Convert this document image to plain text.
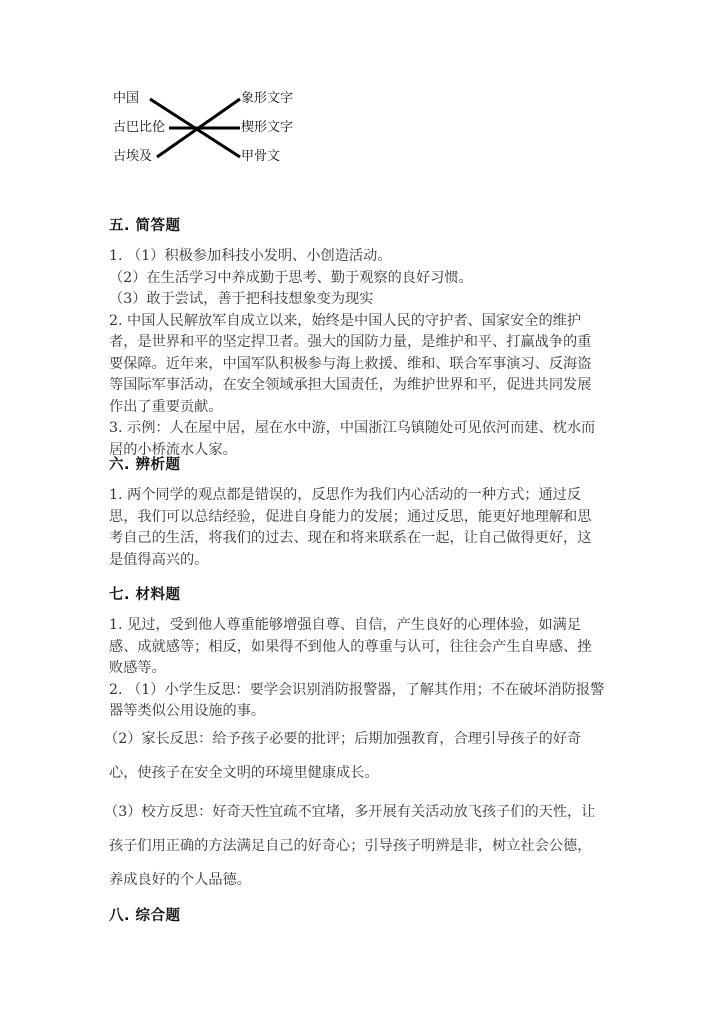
中国
古巴比伦
古埃及
象形文字
楔形文字
甲骨文
五. 简答题
1. （1）积极参加科技小发明、小创造活动。
（2）在生活学习中养成勤于思考、勤于观察的良好习惯。
（3）敢于尝试，善于把科技想象变为现实
2. 中国人民解放军自成立以来，始终是中国人民的守护者、国家安全的维护
者，是世界和平的坚定捍卫者。强大的国防力量，是维护和平、打赢战争的重
要保障。近年来，中国军队积极参与海上救援、维和、联合军事演习、反海盗
等国际军事活动，在安全领域承担大国责任，为维护世界和平，促进共同发展
作出了重要贡献。
3. 示例：人在屋中居，屋在水中游，中国浙江乌镇随处可见依河而建、枕水而
居的小桥流水人家。
六. 辨析题
1. 两个同学的观点都是错误的，反思作为我们内心活动的一种方式；通过反
思，我们可以总结经验，促进自身能力的发展；通过反思，能更好地理解和思
考自己的生活，将我们的过去、现在和将来联系在一起，让自己做得更好，这
是值得高兴的。
七. 材料题
1. 见过，受到他人尊重能够增强自尊、自信，产生良好的心理体验，如满足
感、成就感等；相反，如果得不到他人的尊重与认可，往往会产生自卑感、挫
败感等。
2. （1）小学生反思：要学会识别消防报警器，了解其作用；不在破坏消防报警
器等类似公用设施的事。
（2）家长反思：给予孩子必要的批评；后期加强教育，合理引导孩子的好奇
心，使孩子在安全文明的环境里健康成长。
（3）校方反思：好奇天性宜疏不宜堵，多开展有关活动放飞孩子们的天性，让
孩子们用正确的方法满足自己的好奇心；引导孩子明辨是非，树立社会公德，
养成良好的个人品德。
八. 综合题
